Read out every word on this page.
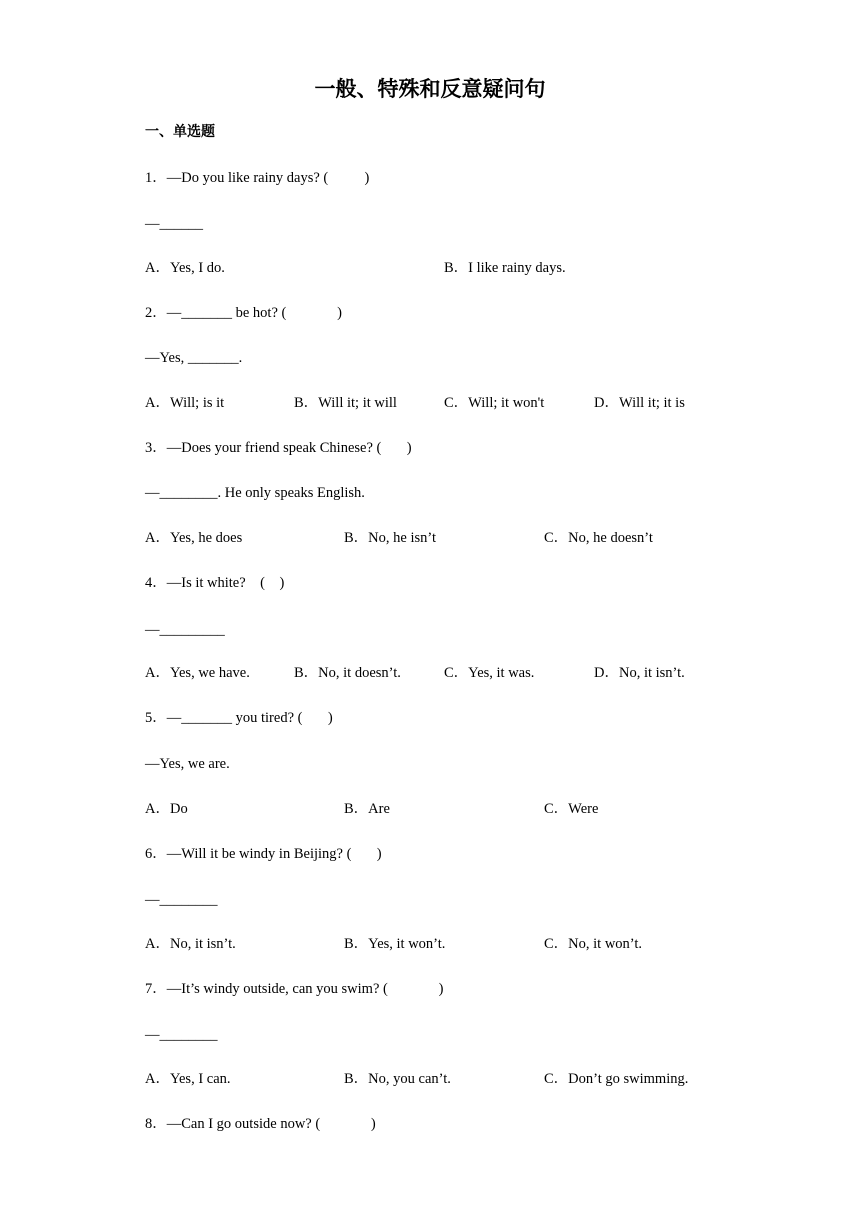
一般、特殊和反意疑问句
一、单选题
1．—Do you like rainy days? (          )
—______
A．Yes, I do.	B．I like rainy days.
2．—_______ be hot? (              )
—Yes, _______.
A．Will; is it	B．Will it; it will	C．Will; it won't	D．Will it; it is
3．—Does your friend speak Chinese? (       )
—________. He only speaks English.
A．Yes, he does	B．No, he isn’t	C．No, he doesn’t
4．—Is it white?    (    )
—_________
A．Yes, we have.	B．No, it doesn’t.	C．Yes, it was.	D．No, it isn’t.
5．—_______ you tired? (       )
—Yes, we are.
A．Do	B．Are	C．Were
6．—Will it be windy in Beijing? (       )
—________
A．No, it isn’t.	B．Yes, it won’t.	C．No, it won’t.
7．—It’s windy outside, can you swim? (              )
—________
A．Yes, I can.	B．No, you can’t.	C．Don’t go swimming.
8．—Can I go outside now? (              )
